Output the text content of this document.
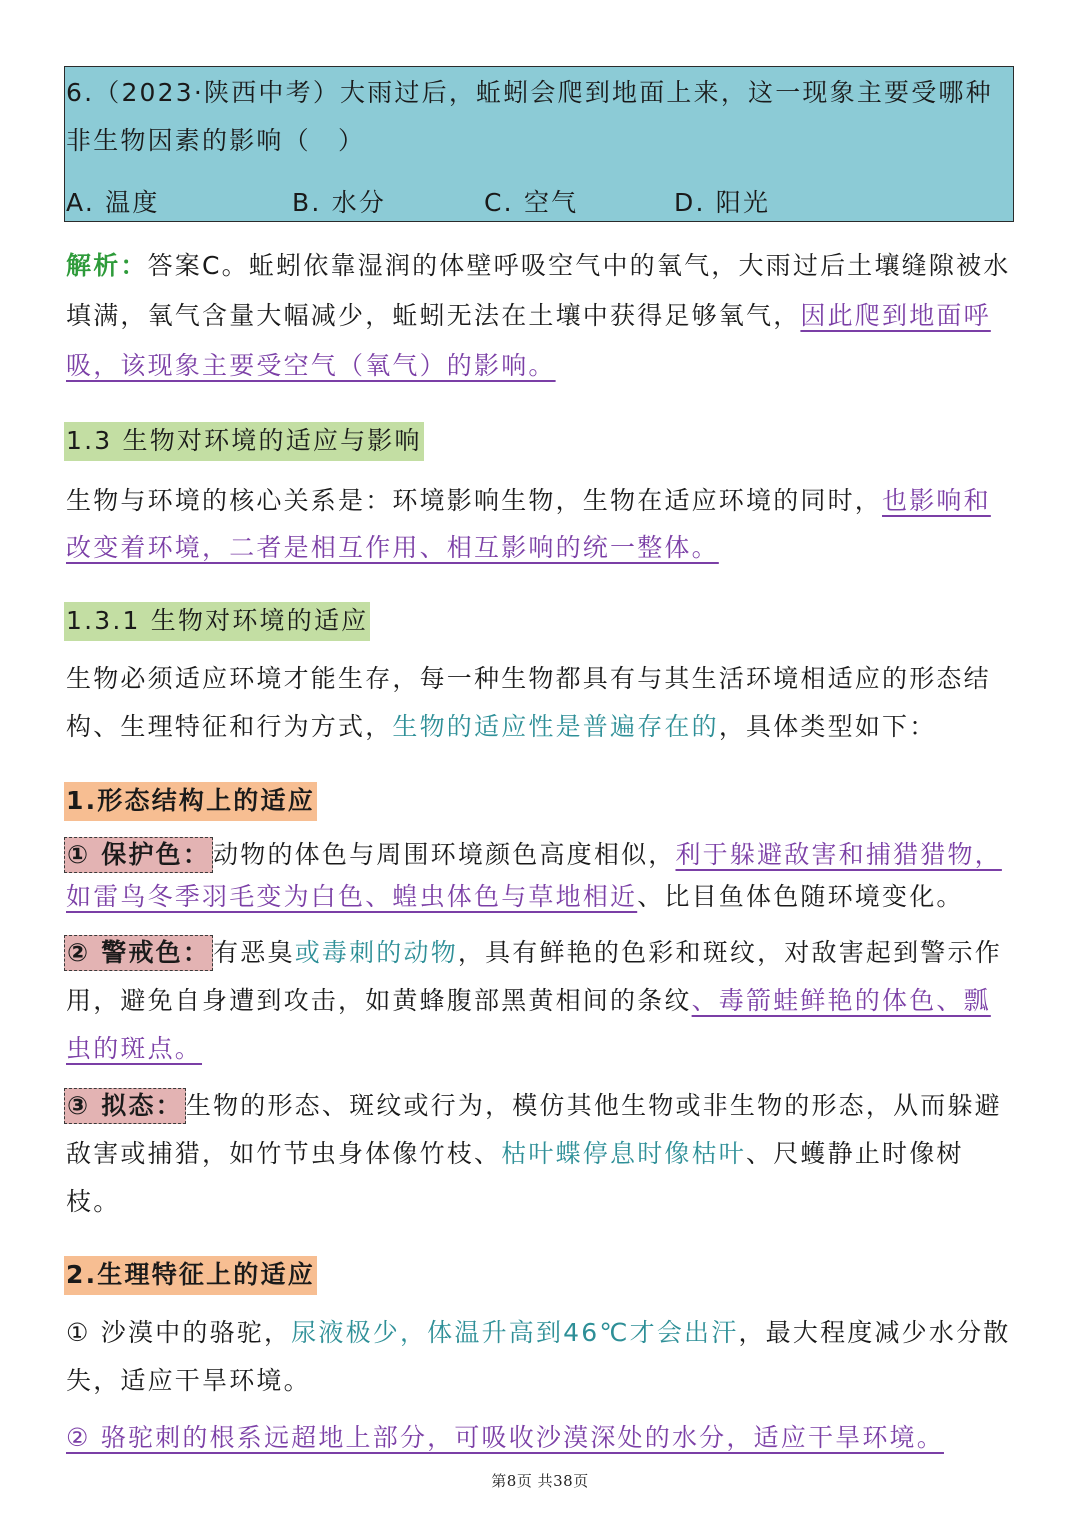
6.（2023·陕西中考）大雨过后，蚯蚓会爬到地面上来，这一现象主要受哪种
非生物因素的影响（　）
A. 温度	B. 水分	C. 空气	D. 阳光
解析：答案C。蚯蚓依靠湿润的体壁呼吸空气中的氧气，大雨过后土壤缝隙被水
填满，氧气含量大幅减少，蚯蚓无法在土壤中获得足够氧气，因此爬到地面呼
吸，该现象主要受空气（氧气）的影响。
1.3 生物对环境的适应与影响
生物与环境的核心关系是：环境影响生物，生物在适应环境的同时，也影响和
改变着环境，二者是相互作用、相互影响的统一整体。
1.3.1 生物对环境的适应
生物必须适应环境才能生存，每一种生物都具有与其生活环境相适应的形态结
构、生理特征和行为方式，生物的适应性是普遍存在的，具体类型如下：
1.形态结构上的适应
① 保护色： 动物的体色与周围环境颜色高度相似，利于躲避敌害和捕猎猎物，
如雷鸟冬季羽毛变为白色、蝗虫体色与草地相近、比目鱼体色随环境变化。
② 警戒色： 有恶臭或毒刺的动物，具有鲜艳的色彩和斑纹，对敌害起到警示作
用，避免自身遭到攻击，如黄蜂腹部黑黄相间的条纹、毒箭蛙鲜艳的体色、瓢
虫的斑点。
③ 拟态： 生物的形态、斑纹或行为，模仿其他生物或非生物的形态，从而躲避
敌害或捕猎，如竹节虫身体像竹枝、枯叶蝶停息时像枯叶、尺蠖静止时像树
枝。
2.生理特征上的适应
① 沙漠中的骆驼，尿液极少，体温升高到46℃才会出汗，最大程度减少水分散
失，适应干旱环境。
② 骆驼刺的根系远超地上部分，可吸收沙漠深处的水分，适应干旱环境。
第8页 共38页
